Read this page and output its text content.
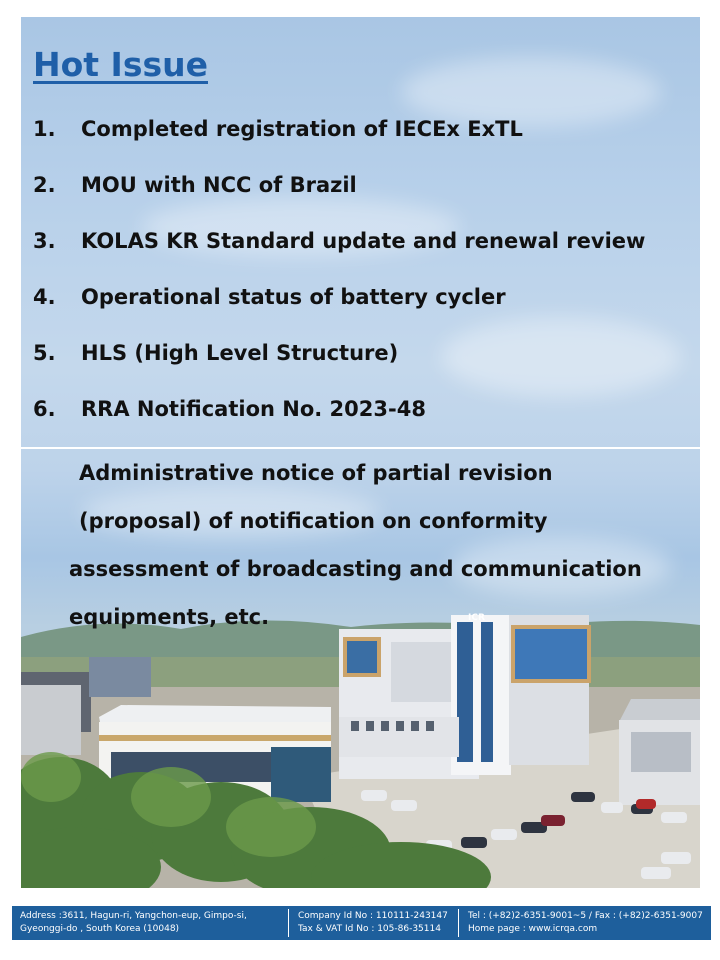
ICR
Hot Issue
1. Completed registration of IECEx ExTL
2. MOU with NCC of Brazil
3. KOLAS KR Standard update and renewal review
4. Operational status of battery cycler
5. HLS (High Level Structure)
6. RRA Notification No. 2023-48

Administrative notice of partial revision
(proposal) of notification on conformity
assessment of broadcasting and communication
equipments, etc.

Address :3611, Hagun-ri, Yangchon-eup, Gimpo-si,
Gyeonggi-do , South Korea (10048)
Company Id No : 110111-243147
Tax & VAT Id No : 105-86-35114
Tel : (+82)2-6351-9001~5 / Fax : (+82)2-6351-9007
Home page : www.icrqa.com
